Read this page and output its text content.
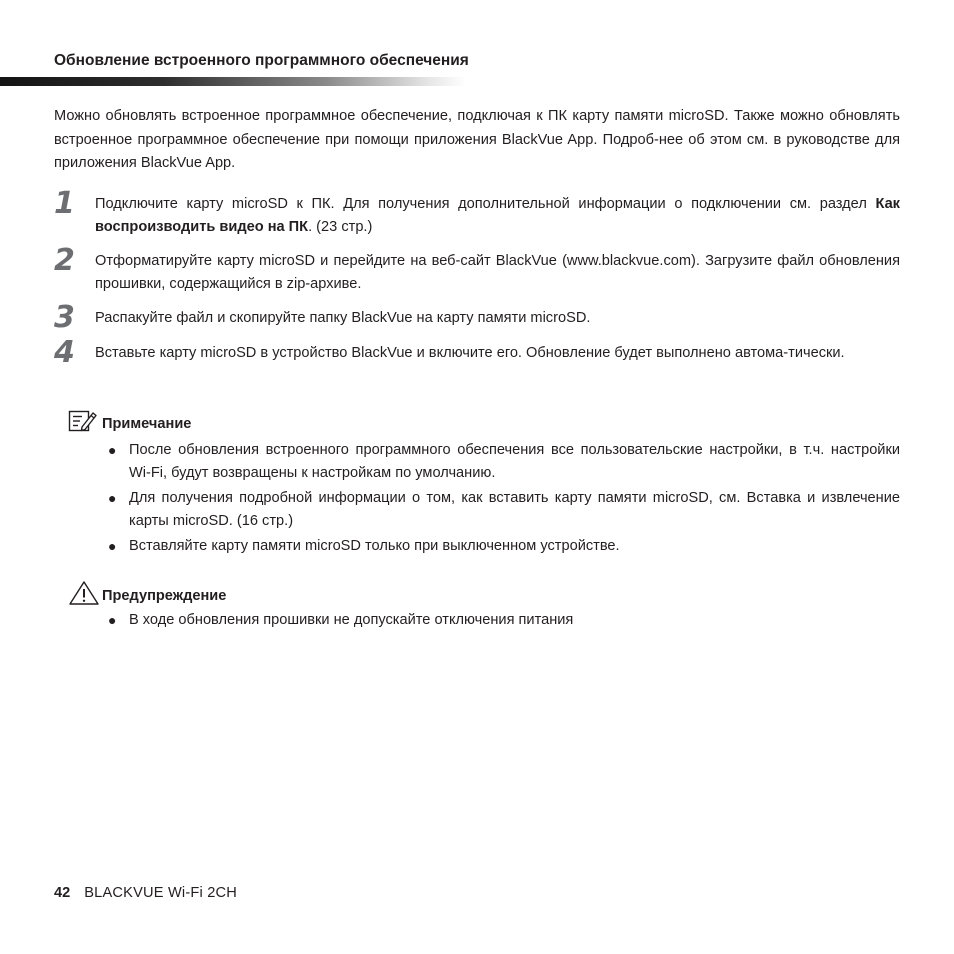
Обновление встроенного программного обеспечения

Можно обновлять встроенное программное обеспечение, подключая к ПК карту памяти microSD. Также можно обновлять встроенное программное обеспечение при помощи приложения BlackVue App. Подроб-нее об этом см. в руководстве для приложения BlackVue App.

1	Подключите карту microSD к ПК. Для получения дополнительной информации о подключении см. раздел Как воспроизводить видео на ПК. (23 стр.)
2	Отформатируйте карту microSD и перейдите на веб-сайт BlackVue (www.blackvue.com). Загрузите файл обновления прошивки, содержащийся в zip-архиве.
3	Распакуйте файл и скопируйте папку BlackVue на карту памяти microSD.
4	Вставьте карту microSD в устройство BlackVue и включите его. Обновление будет выполнено автома-тически.
Примечание
● После обновления встроенного программного обеспечения все пользовательские настройки, в т.ч. настройки Wi-Fi, будут возвращены к настройкам по умолчанию.
● Для получения подробной информации о том, как вставить карту памяти microSD, см. Вставка и извлечение карты microSD. (16 стр.)
● Вставляйте карту памяти microSD только при выключенном устройстве.
Предупреждение
● В ходе обновления прошивки не допускайте отключения питания
42 BLACKVUE Wi-Fi 2CH
